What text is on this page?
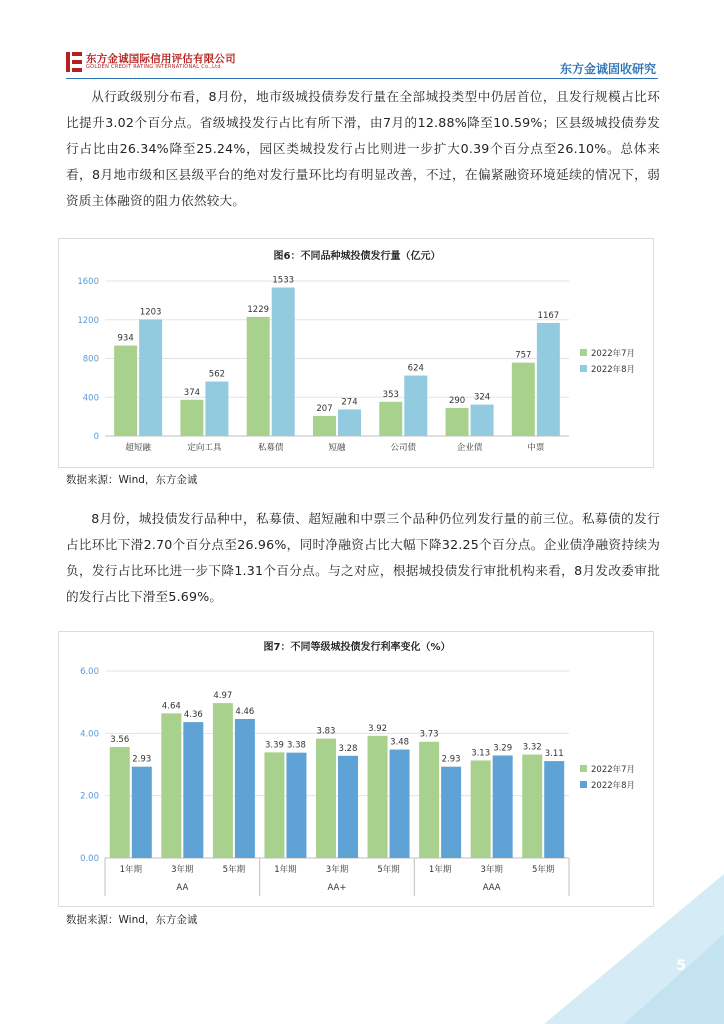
东方金诚国际信用评估有限公司
GOLDEN CREDIT RATING INTERNATIONAL Co.,Ltd.	东方金诚固收研究

从行政级别分布看，8月份，地市级城投债券发行量在全部城投类型中仍居首位，且发行规模占比环比提升3.02个百分点。省级城投发行占比有所下滑，由7月的12.88%降至10.59%；区县级城投债券发行占比由26.34%降至25.24%，园区类城投发行占比则进一步扩大0.39个百分点至26.10%。总体来看，8月地市级和区县级平台的绝对发行量环比均有明显改善，不过，在偏紧融资环境延续的情况下，弱资质主体融资的阻力依然较大。

图6：不同品种城投债发行量（亿元）
0
400
800
1200
1600
934
1203
超短融
374
562
定向工具
1229
1533
私募债
207
274
短融
353
624
公司债
290 324
企业债
757
1167
中票
2022年7月
2022年8月
数据来源：Wind，东方金诚

8月份，城投债发行品种中，私募债、超短融和中票三个品种仍位列发行量的前三位。私募债的发行占比环比下滑2.70个百分点至26.96%，同时净融资占比大幅下降32.25个百分点。企业债净融资持续为负，发行占比环比进一步下降1.31个百分点。与之对应，根据城投债发行审批机构来看，8月发改委审批的发行占比下滑至5.69%。

图7：不同等级城投债发行利率变化（%）
0.00
2.00
4.00
6.00
3.56
2.93
1年期
4.64
4.36
3年期
4.97
4.46
5年期
3.39 3.38
1年期
3.83
3.28
3年期
3.92
3.48
5年期
3.73
2.93
1年期
3.13 3.29
3年期
3.32
3.11
5年期
2022年7月
2022年8月
AA	AA+	AAA
数据来源：Wind，东方金诚
5
